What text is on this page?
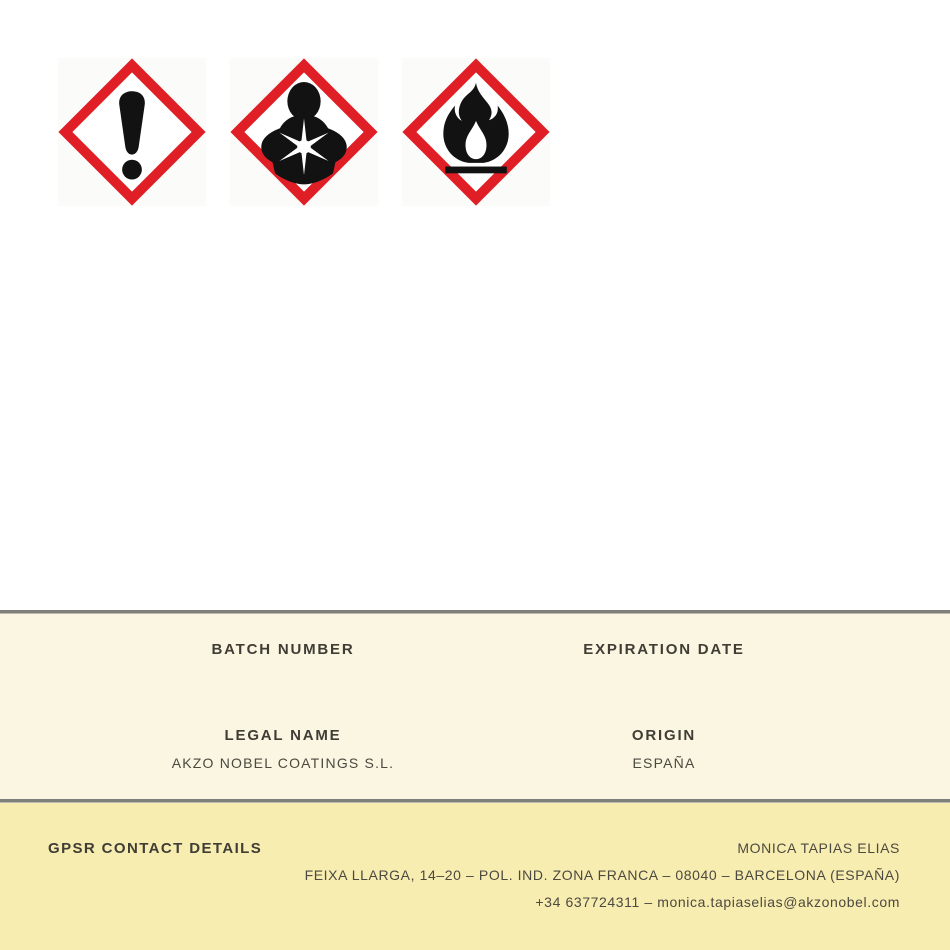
BATCH NUMBER	EXPIRATION DATE
LEGAL NAME
AKZO NOBEL COATINGS S.L.
ORIGIN
ESPAÑA
GPSR CONTACT DETAILS	MONICA TAPIAS ELIAS
FEIXA LLARGA, 14–20 – POL. IND. ZONA FRANCA – 08040 – BARCELONA (ESPAÑA)
+34 637724311 – monica.tapiaselias@akzonobel.com
